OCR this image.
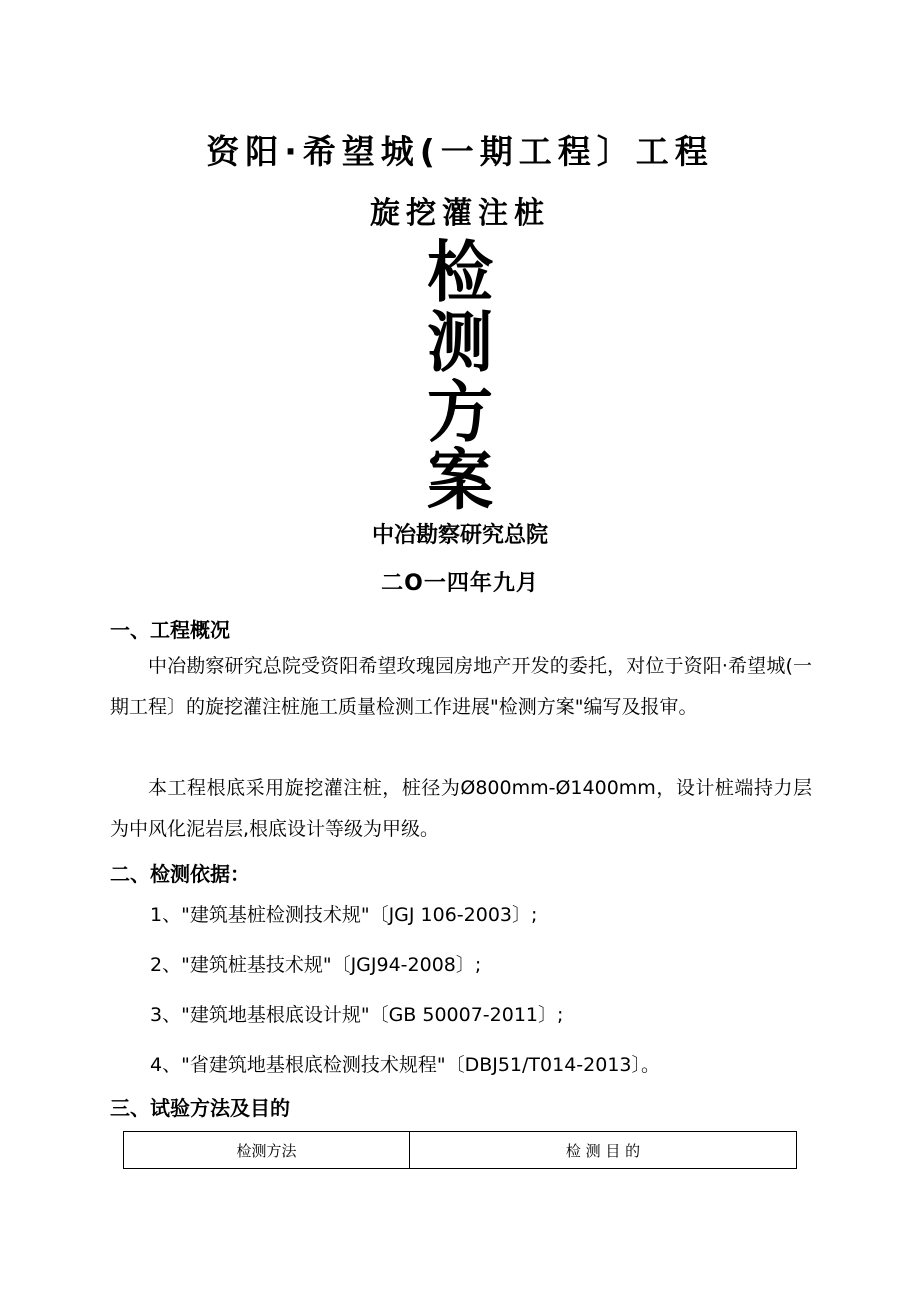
资阳·希望城(一期工程〕工程
旋挖灌注桩
检
测
方
案
中冶勘察研究总院
二O一四年九月
一、工程概况
中冶勘察研究总院受资阳希望玫瑰园房地产开发的委托，对位于资阳·希望城(一期工程〕的旋挖灌注桩施工质量检测工作进展"检测方案"编写及报审。
本工程根底采用旋挖灌注桩，桩径为Ø800mm-Ø1400mm，设计桩端持力层为中风化泥岩层,根底设计等级为甲级。
二、检测依据：
1、"建筑基桩检测技术规"〔JGJ 106-2003〕;
2、"建筑桩基技术规"〔JGJ94-2008〕;
3、"建筑地基根底设计规"〔GB 50007-2011〕;
4、"省建筑地基根底检测技术规程"〔DBJ51/T014-2013〕。
三、试验方法及目的
检测方法	检 测 目 的
